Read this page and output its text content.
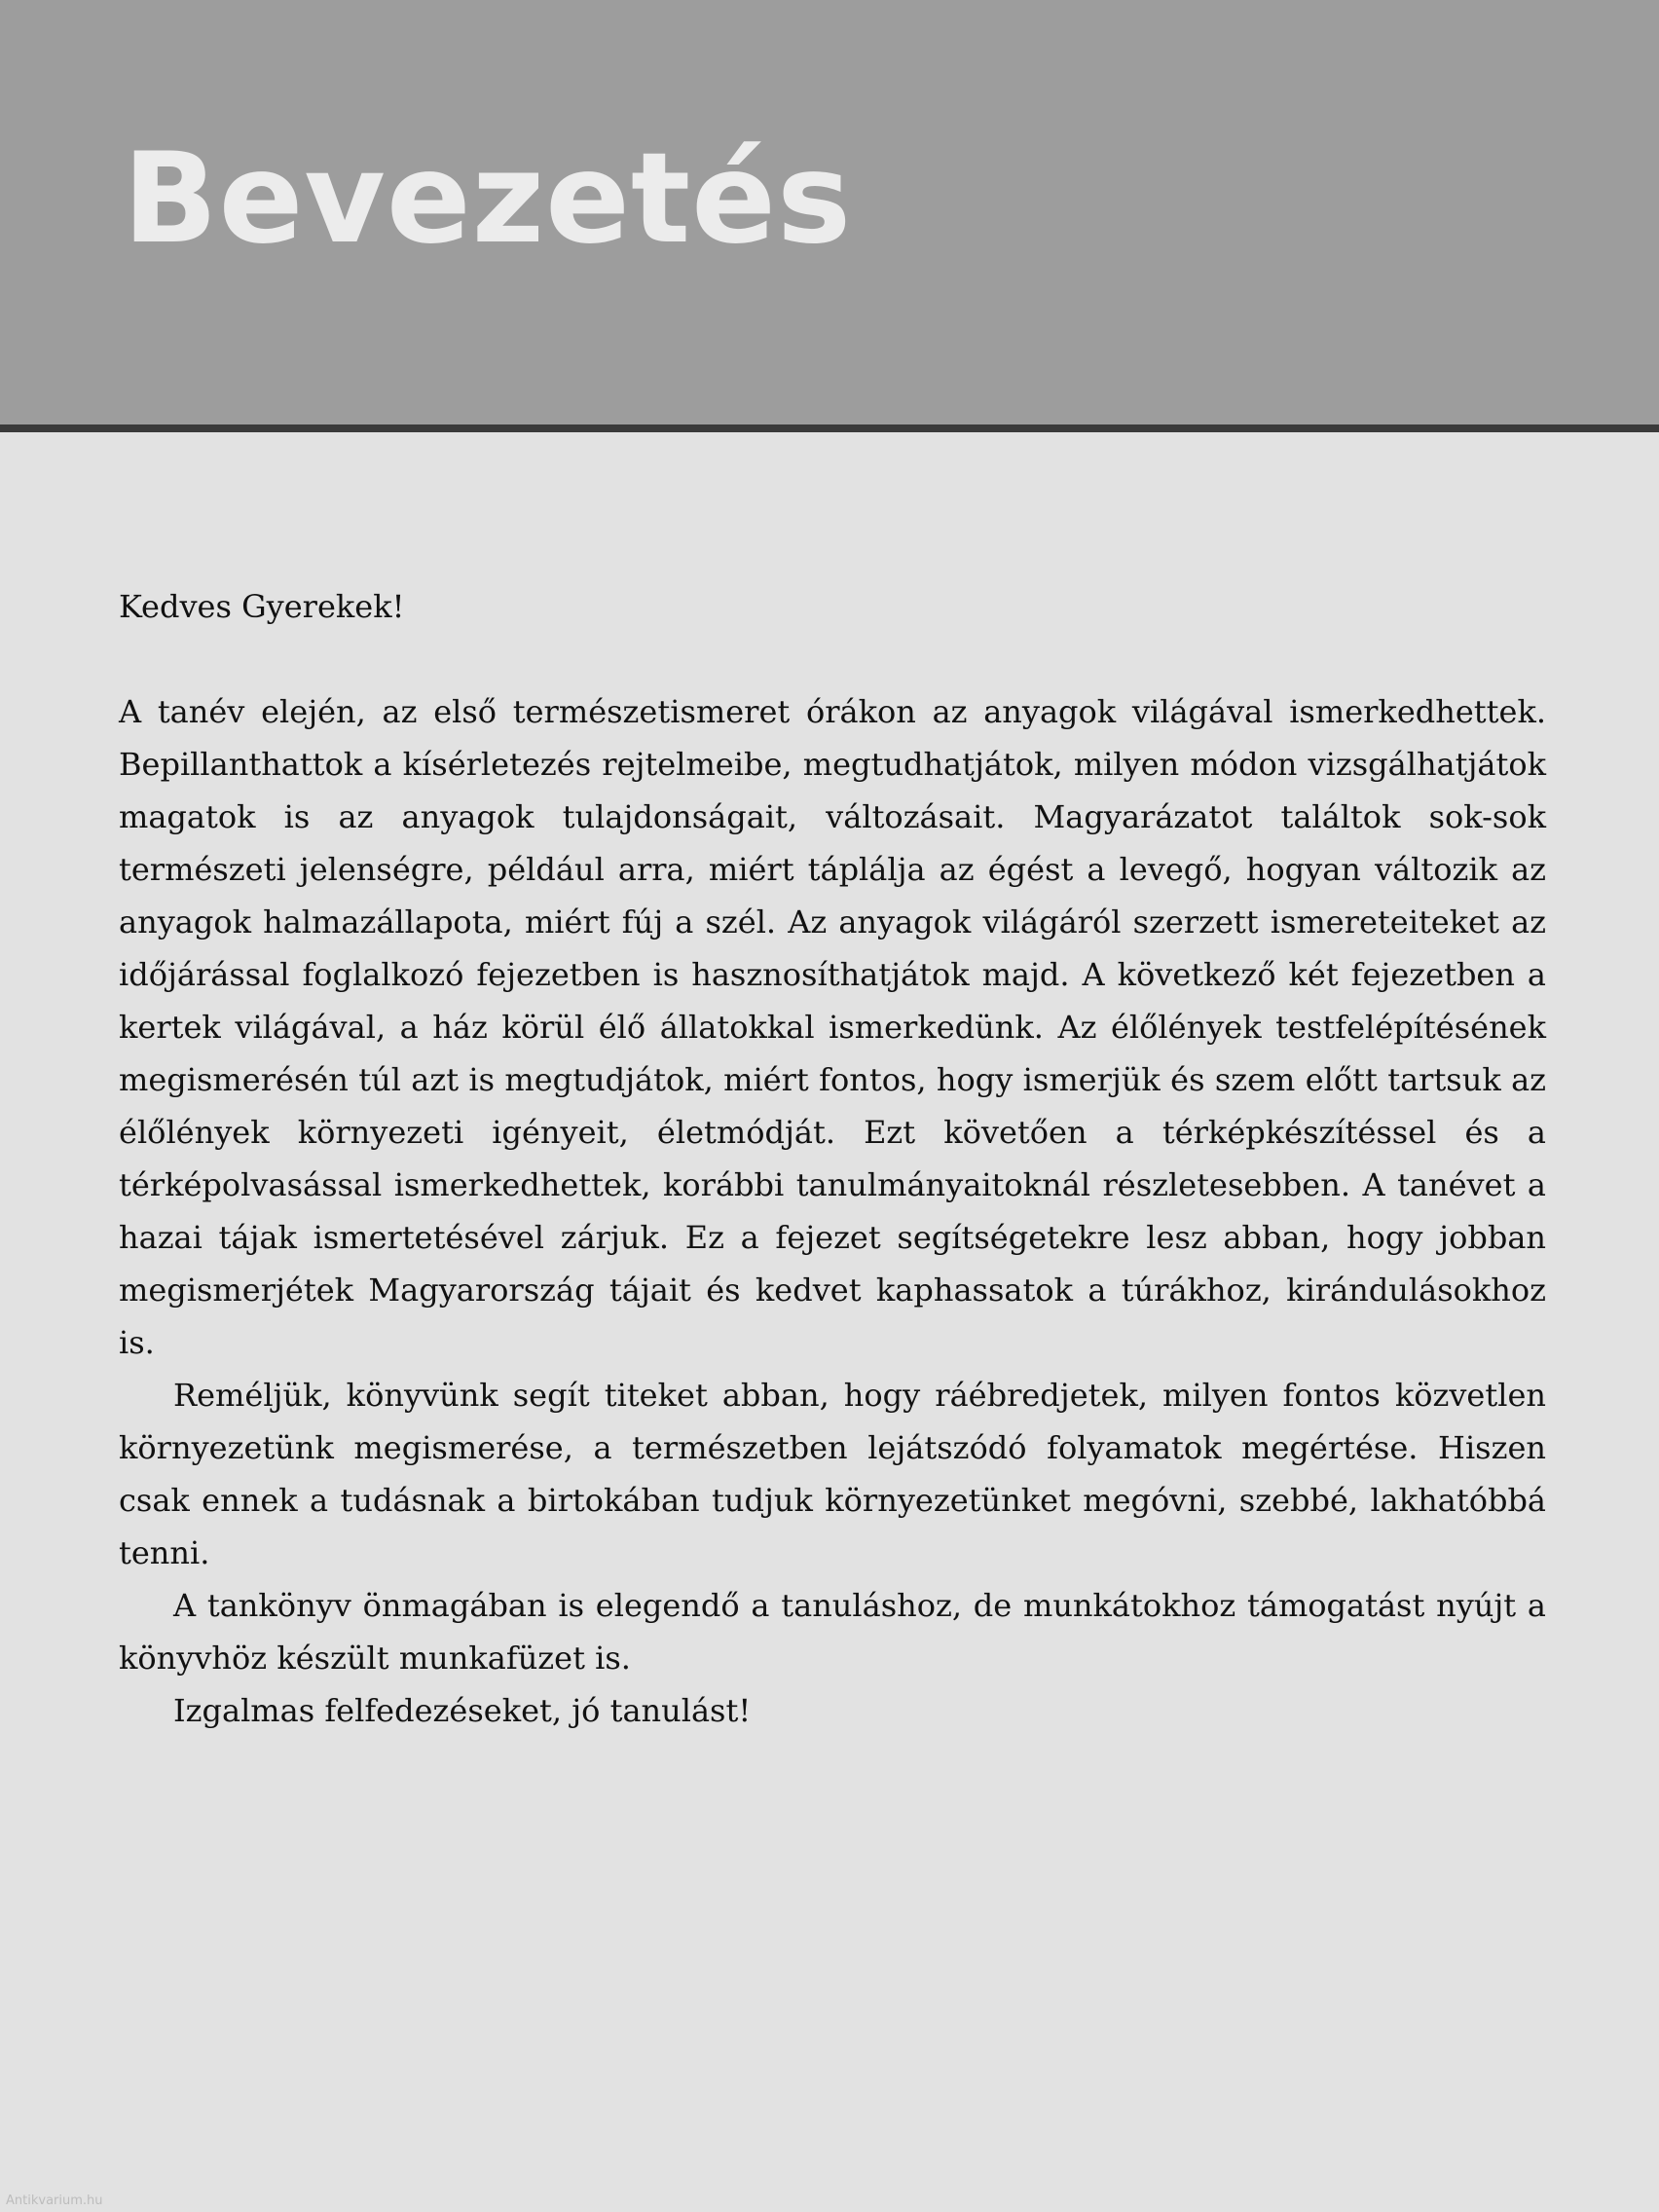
Bevezetés

Kedves Gyerekek!

A tanév elején, az első természetismeret órákon az anyagok világával ismerkedhettek. Bepillanthattok a kísérletezés rejtelmeibe, megtudhatjátok, milyen módon vizsgálhatjátok magatok is az anyagok tulajdonságait, változásait. Magyarázatot találtok sok-sok természeti jelenségre, például arra, miért táplálja az égést a levegő, hogyan változik az anyagok halmazállapota, miért fúj a szél. Az anyagok világáról szerzett ismereteiteket az időjárással foglalkozó fejezetben is hasznosíthatjátok majd. A következő két fejezetben a kertek világával, a ház körül élő állatokkal ismerkedünk. Az élőlények testfelépítésének megismerésén túl azt is megtudjátok, miért fontos, hogy ismerjük és szem előtt tartsuk az élőlények környezeti igényeit, életmódját. Ezt követően a térképkészítéssel és a térképolvasással ismerkedhettek, korábbi tanulmányaitoknál részletesebben. A tanévet a hazai tájak ismertetésével zárjuk. Ez a fejezet segítségetekre lesz abban, hogy jobban megismerjétek Magyarország tájait és kedvet kaphassatok a túrákhoz, kirándulásokhoz is.

Reméljük, könyvünk segít titeket abban, hogy ráébredjetek, milyen fontos közvetlen környezetünk megismerése, a természetben lejátszódó folyamatok megértése. Hiszen csak ennek a tudásnak a birtokában tudjuk környezetünket megóvni, szebbé, lakhatóbbá tenni.

A tankönyv önmagában is elegendő a tanuláshoz, de munkátokhoz támogatást nyújt a könyvhöz készült munkafüzet is.

Izgalmas felfedezéseket, jó tanulást!

Antikvarium.hu
